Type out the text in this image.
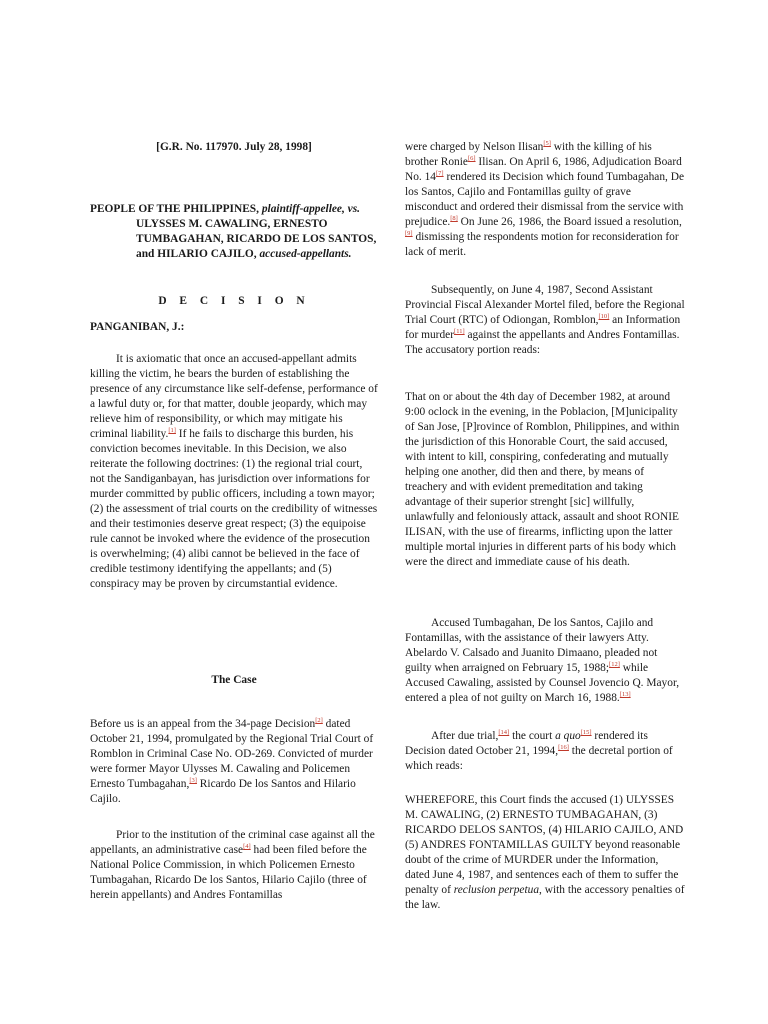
[G.R. No. 117970. July 28, 1998]

PEOPLE OF THE PHILIPPINES, plaintiff-appellee, vs. ULYSSES M. CAWALING, ERNESTO TUMBAGAHAN, RICARDO DE LOS SANTOS, and HILARIO CAJILO, accused-appellants.

D E C I S I O N

PANGANIBAN, J.:

It is axiomatic that once an accused-appellant admits killing the victim, he bears the burden of establishing the presence of any circumstance like self-defense, performance of a lawful duty or, for that matter, double jeopardy, which may relieve him of responsibility, or which may mitigate his criminal liability.[1] If he fails to discharge this burden, his conviction becomes inevitable. In this Decision, we also reiterate the following doctrines: (1) the regional trial court, not the Sandiganbayan, has jurisdiction over informations for murder committed by public officers, including a town mayor; (2) the assessment of trial courts on the credibility of witnesses and their testimonies deserve great respect; (3) the equipoise rule cannot be invoked where the evidence of the prosecution is overwhelming; (4) alibi cannot be believed in the face of credible testimony identifying the appellants; and (5) conspiracy may be proven by circumstantial evidence.

The Case

Before us is an appeal from the 34-page Decision[2] dated October 21, 1994, promulgated by the Regional Trial Court of Romblon in Criminal Case No. OD-269. Convicted of murder were former Mayor Ulysses M. Cawaling and Policemen Ernesto Tumbagahan,[3] Ricardo De los Santos and Hilario Cajilo.

Prior to the institution of the criminal case against all the appellants, an administrative case[4] had been filed before the National Police Commission, in which Policemen Ernesto Tumbagahan, Ricardo De los Santos, Hilario Cajilo (three of herein appellants) and Andres Fontamillas

were charged by Nelson Ilisan[5] with the killing of his brother Ronie[6] Ilisan. On April 6, 1986, Adjudication Board No. 14[7] rendered its Decision which found Tumbagahan, De los Santos, Cajilo and Fontamillas guilty of grave misconduct and ordered their dismissal from the service with prejudice.[8] On June 26, 1986, the Board issued a resolution,[9] dismissing the respondents motion for reconsideration for lack of merit.

Subsequently, on June 4, 1987, Second Assistant Provincial Fiscal Alexander Mortel filed, before the Regional Trial Court (RTC) of Odiongan, Romblon,[10] an Information for murder[11] against the appellants and Andres Fontamillas. The accusatory portion reads:

That on or about the 4th day of December 1982, at around 9:00 oclock in the evening, in the Poblacion, [M]unicipality of San Jose, [P]rovince of Romblon, Philippines, and within the jurisdiction of this Honorable Court, the said accused, with intent to kill, conspiring, confederating and mutually helping one another, did then and there, by means of treachery and with evident premeditation and taking advantage of their superior strenght [sic] willfully, unlawfully and feloniously attack, assault and shoot RONIE ILISAN, with the use of firearms, inflicting upon the latter multiple mortal injuries in different parts of his body which were the direct and immediate cause of his death.

Accused Tumbagahan, De los Santos, Cajilo and Fontamillas, with the assistance of their lawyers Atty. Abelardo V. Calsado and Juanito Dimaano, pleaded not guilty when arraigned on February 15, 1988;[12] while Accused Cawaling, assisted by Counsel Jovencio Q. Mayor, entered a plea of not guilty on March 16, 1988.[13]

After due trial,[14] the court a quo[15] rendered its Decision dated October 21, 1994,[16] the decretal portion of which reads:

WHEREFORE, this Court finds the accused (1) ULYSSES M. CAWALING, (2) ERNESTO TUMBAGAHAN, (3) RICARDO DELOS SANTOS, (4) HILARIO CAJILO, AND (5) ANDRES FONTAMILLAS GUILTY beyond reasonable doubt of the crime of MURDER under the Information, dated June 4, 1987, and sentences each of them to suffer the penalty of reclusion perpetua, with the accessory penalties of the law.
